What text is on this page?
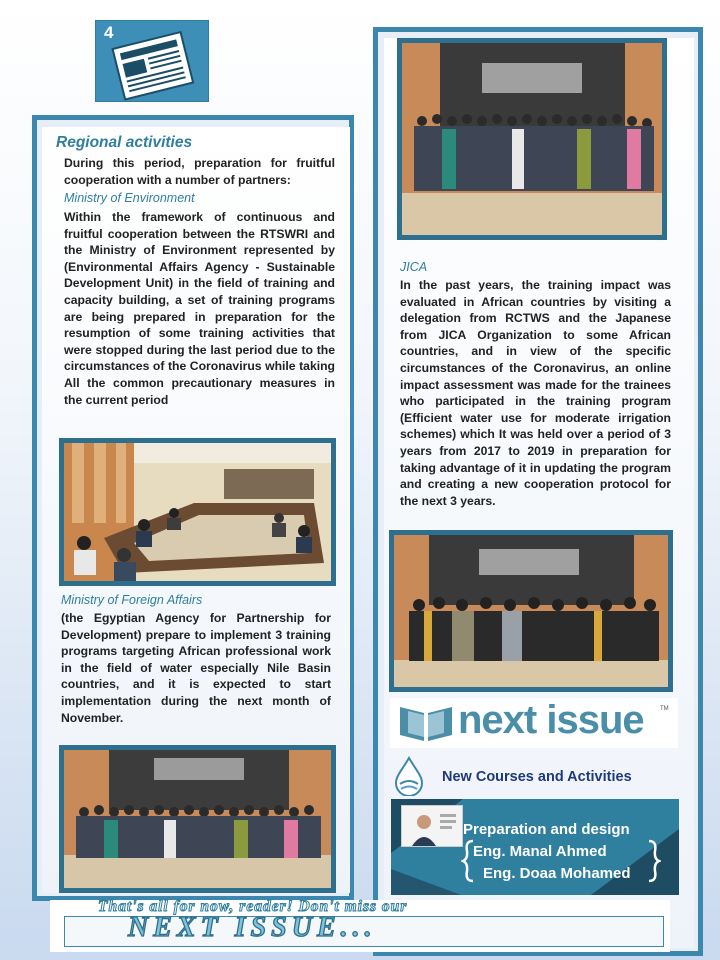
4
Regional activities
During this period, preparation for fruitful cooperation with a number of partners:
Ministry of Environment
Within the framework of continuous and fruitful cooperation between the RTSWRI and the Ministry of Environment represented by (Environmental Affairs Agency - Sustainable Development Unit) in the field of training and capacity building, a set of training programs are being prepared in preparation for the resumption of some training activities that were stopped during the last period due to the circumstances of the Coronavirus while taking All the common precautionary measures in the current period
Ministry of Foreign Affairs
(the Egyptian Agency for Partnership for Development) prepare to implement 3 training programs targeting African professional work in the field of water especially Nile Basin countries, and it is expected to start implementation during the next month of November.
JICA
In the past years, the training impact was evaluated in African countries by visiting a delegation from RCTWS and the Japanese from JICA Organization to some African countries, and in view of the specific circumstances of the Coronavirus, an online impact assessment was made for the trainees who participated in the training program (Efficient water use for moderate irrigation schemes) which It was held over a period of 3 years from 2017 to 2019 in preparation for taking advantage of it in updating the program and creating a new cooperation protocol for the next 3 years.
next issue	TM
New Courses and Activities
Preparation and design
Eng. Manal Ahmed
Eng. Doaa Mohamed
That's all for now, reader! Don't miss our
NEXT ISSUE...
